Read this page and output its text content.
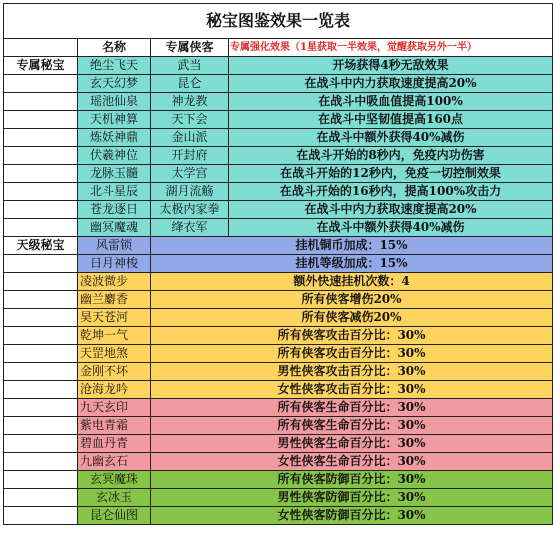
秘宝图鉴效果一览表			
	名称	专属侠客	专属强化效果（1星获取一半效果，觉醒获取另外一半）
专属秘宝	绝尘飞天	武当	开场获得4秒无敌效果
	玄天幻梦	昆仑	在战斗中内力获取速度提高20%
	瑶池仙泉	神龙教	在战斗中吸血值提高100%
	天机神算	天下会	在战斗中坚韧值提高160点
	炼妖神鼎	金山派	在战斗中额外获得40%减伤
	伏羲神位	开封府	在战斗开始的8秒内，免疫内功伤害
	龙脉玉髓	太学宫	在战斗开始的12秒内，免疫一切控制效果
	北斗星辰	湖月流觞	在战斗开始的16秒内，提高100%攻击力
	苍龙逐日	太极内家拳	在战斗中内力获取速度提高20%
	幽冥魔魂	绛衣军	在战斗中额外获得40%减伤
天级秘宝	风雷锁	挂机铜币加成：15%	
	日月神梭	挂机等级加成：15%	
	凌波微步	额外快速挂机次数：4	
	幽兰麝香	所有侠客增伤20%	
	昊天苍河	所有侠客减伤20%	
	乾坤一气	所有侠客攻击百分比：30%	
	天罡地煞	所有侠客攻击百分比：30%	
	金刚不坏	男性侠客攻击百分比：30%	
	沧海龙吟	女性侠客攻击百分比：30%	
	九天玄印	所有侠客生命百分比：30%	
	紫电青霜	所有侠客生命百分比：30%	
	碧血丹青	男性侠客生命百分比：30%	
	九幽玄石	女性侠客生命百分比：30%	
	玄冥魔珠	所有侠客防御百分比：30%	
	玄冰玉	男性侠客防御百分比：30%	
	昆仑仙图	女性侠客防御百分比：30%	
